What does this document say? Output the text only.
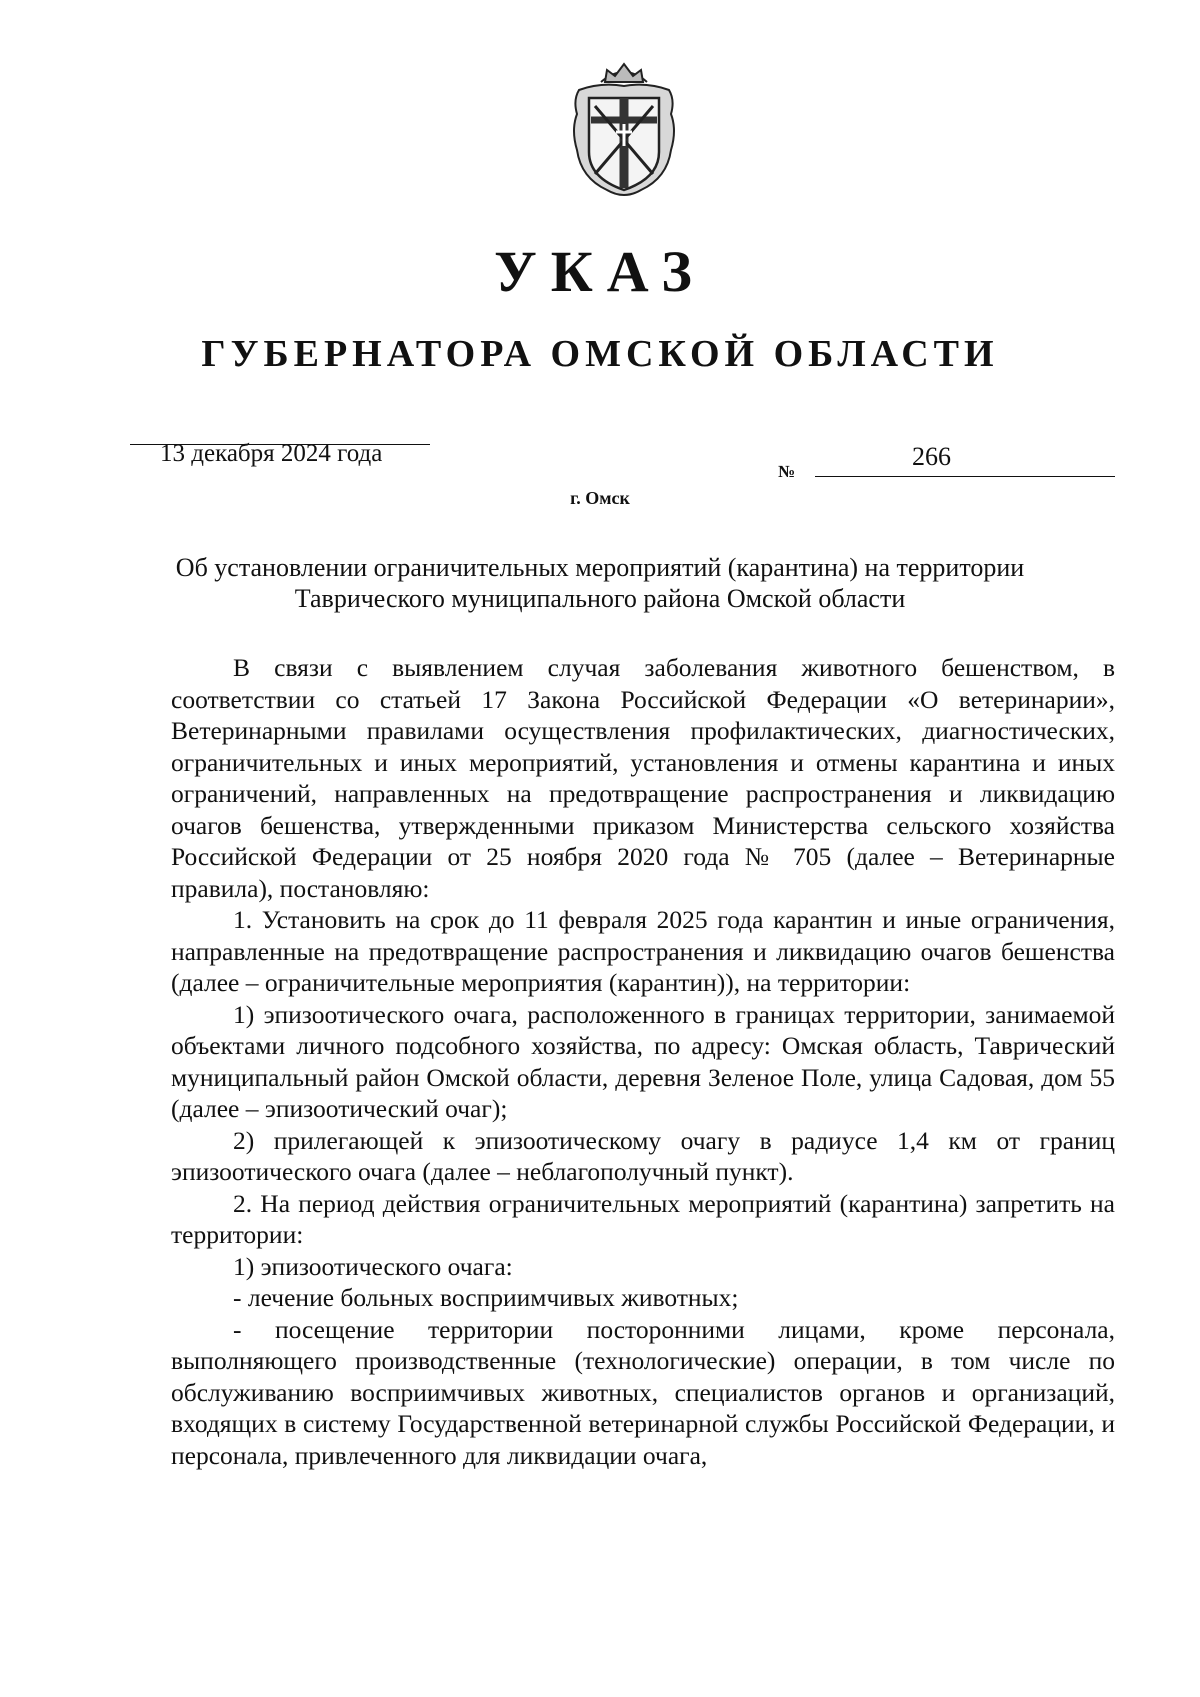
УКАЗ
ГУБЕРНАТОРА ОМСКОЙ ОБЛАСТИ
13 декабря 2024 года
№
266
г. Омск
Об установлении ограничительных мероприятий (карантина) на территории
Таврического муниципального района Омской области

В связи с выявлением случая заболевания животного бешенством, в соответствии со статьей 17 Закона Российской Федерации «О ветеринарии», Ветеринарными правилами осуществления профилактических, диагностических, ограничительных и иных мероприятий, установления и отмены карантина и иных ограничений, направленных на предотвращение распространения и ликвидацию очагов бешенства, утвержденными приказом Министерства сельского хозяйства Российской Федерации от 25 ноября 2020 года № 705 (далее – Ветеринарные правила), постановляю:

1. Установить на срок до 11 февраля 2025 года карантин и иные ограничения, направленные на предотвращение распространения и ликвидацию очагов бешенства (далее – ограничительные мероприятия (карантин)), на территории:

1) эпизоотического очага, расположенного в границах территории, занимаемой объектами личного подсобного хозяйства, по адресу: Омская область, Таврический муниципальный район Омской области, деревня Зеленое Поле, улица Садовая, дом 55 (далее – эпизоотический очаг);

2) прилегающей к эпизоотическому очагу в радиусе 1,4 км от границ эпизоотического очага (далее – неблагополучный пункт).

2. На период действия ограничительных мероприятий (карантина) запретить на территории:

1) эпизоотического очага:

- лечение больных восприимчивых животных;

- посещение территории посторонними лицами, кроме персонала, выполняющего производственные (технологические) операции, в том числе по обслуживанию восприимчивых животных, специалистов органов и организаций, входящих в систему Государственной ветеринарной службы Российской Федерации, и персонала, привлеченного для ликвидации очага,
